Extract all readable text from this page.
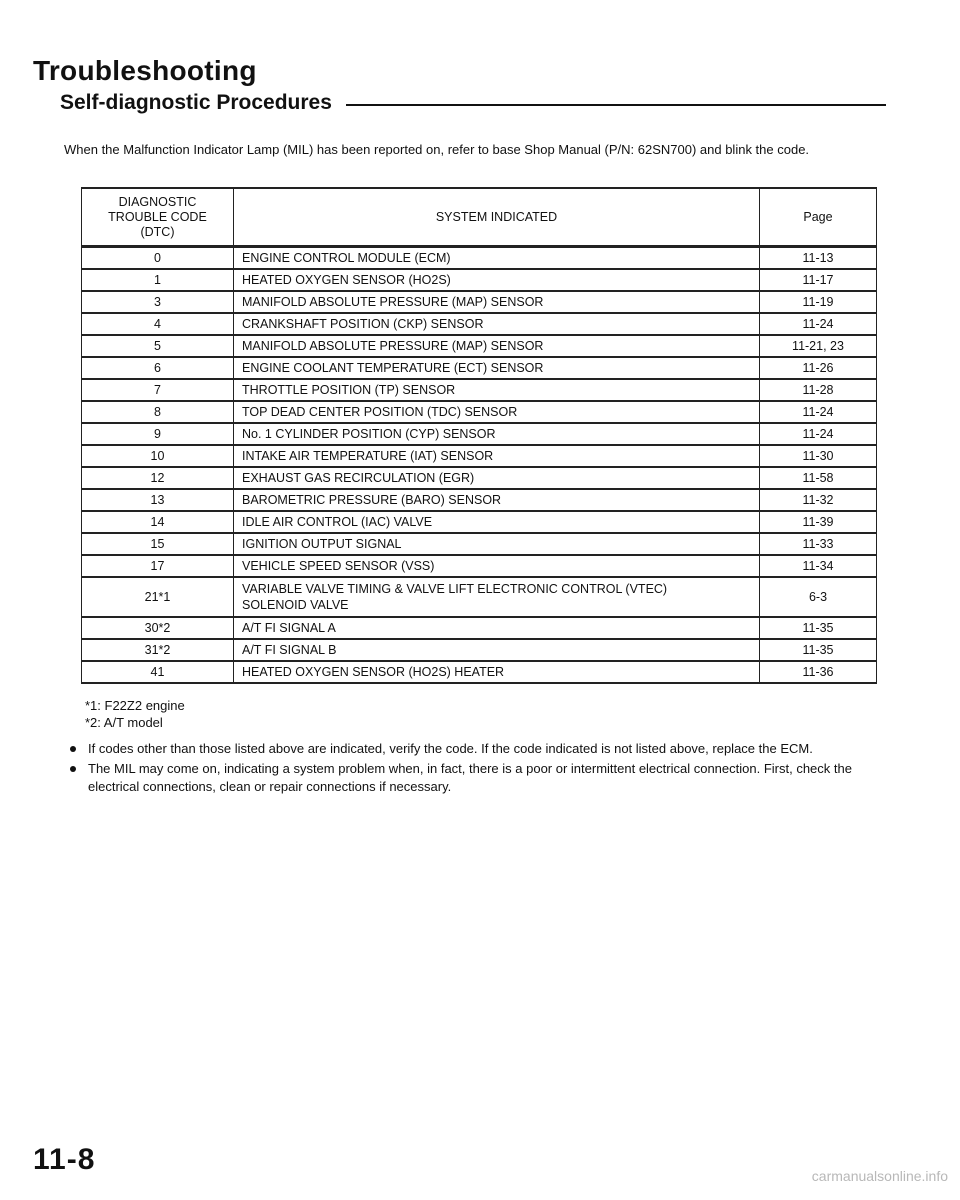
Troubleshooting
Self-diagnostic Procedures
When the Malfunction Indicator Lamp (MIL) has been reported on, refer to base Shop Manual (P/N: 62SN700) and blink the code.
DIAGNOSTIC TROUBLE CODE (DTC)	SYSTEM INDICATED	Page
0	ENGINE CONTROL MODULE (ECM)	11-13
1	HEATED OXYGEN SENSOR (HO2S)	11-17
3	MANIFOLD ABSOLUTE PRESSURE (MAP) SENSOR	11-19
4	CRANKSHAFT POSITION (CKP) SENSOR	11-24
5	MANIFOLD ABSOLUTE PRESSURE (MAP) SENSOR	11-21, 23
6	ENGINE COOLANT TEMPERATURE (ECT) SENSOR	11-26
7	THROTTLE POSITION (TP) SENSOR	11-28
8	TOP DEAD CENTER POSITION (TDC) SENSOR	11-24
9	No. 1 CYLINDER POSITION (CYP) SENSOR	11-24
10	INTAKE AIR TEMPERATURE (IAT) SENSOR	11-30
12	EXHAUST GAS RECIRCULATION (EGR)	11-58
13	BAROMETRIC PRESSURE (BARO) SENSOR	11-32
14	IDLE AIR CONTROL (IAC) VALVE	11-39
15	IGNITION OUTPUT SIGNAL	11-33
17	VEHICLE SPEED SENSOR (VSS)	11-34
21*1	VARIABLE VALVE TIMING & VALVE LIFT ELECTRONIC CONTROL (VTEC)
SOLENOID VALVE	6-3
30*2	A/T FI SIGNAL A	11-35
31*2	A/T FI SIGNAL B	11-35
41	HEATED OXYGEN SENSOR (HO2S) HEATER	11-36
*1: F22Z2 engine
*2: A/T model
If codes other than those listed above are indicated, verify the code. If the code indicated is not listed above, replace the ECM.
The MIL may come on, indicating a system problem when, in fact, there is a poor or intermittent electrical connection. First, check the electrical connections, clean or repair connections if necessary.
11-8	carmanualsonline.info
